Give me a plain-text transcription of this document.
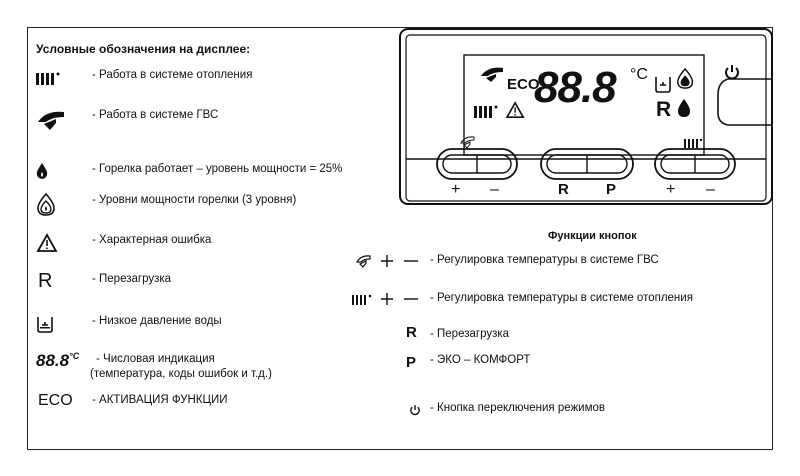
Условные обозначения на дисплее:
- Работа в системе отопления
- Работа в системе ГВС
- Горелка работает – уровень мощности = 25%
- Уровни мощности горелки (3 уровня)
- Характерная ошибка
R	- Перезагрузка
- Низкое давление воды
$88.8^{^\circ C}$	- Числовая индикация
(температура, коды ошибок и т.д.)
ECO	- АКТИВАЦИЯ ФУНКЦИИ
ECO
88.8 °C
R
+ –	R P	+ –
Функции кнопок
- Регулировка температуры в системе ГВС
- Регулировка температуры в системе отопления
R - Перезагрузка
P - ЭКО – КОМФОРТ
- Кнопка переключения режимов
